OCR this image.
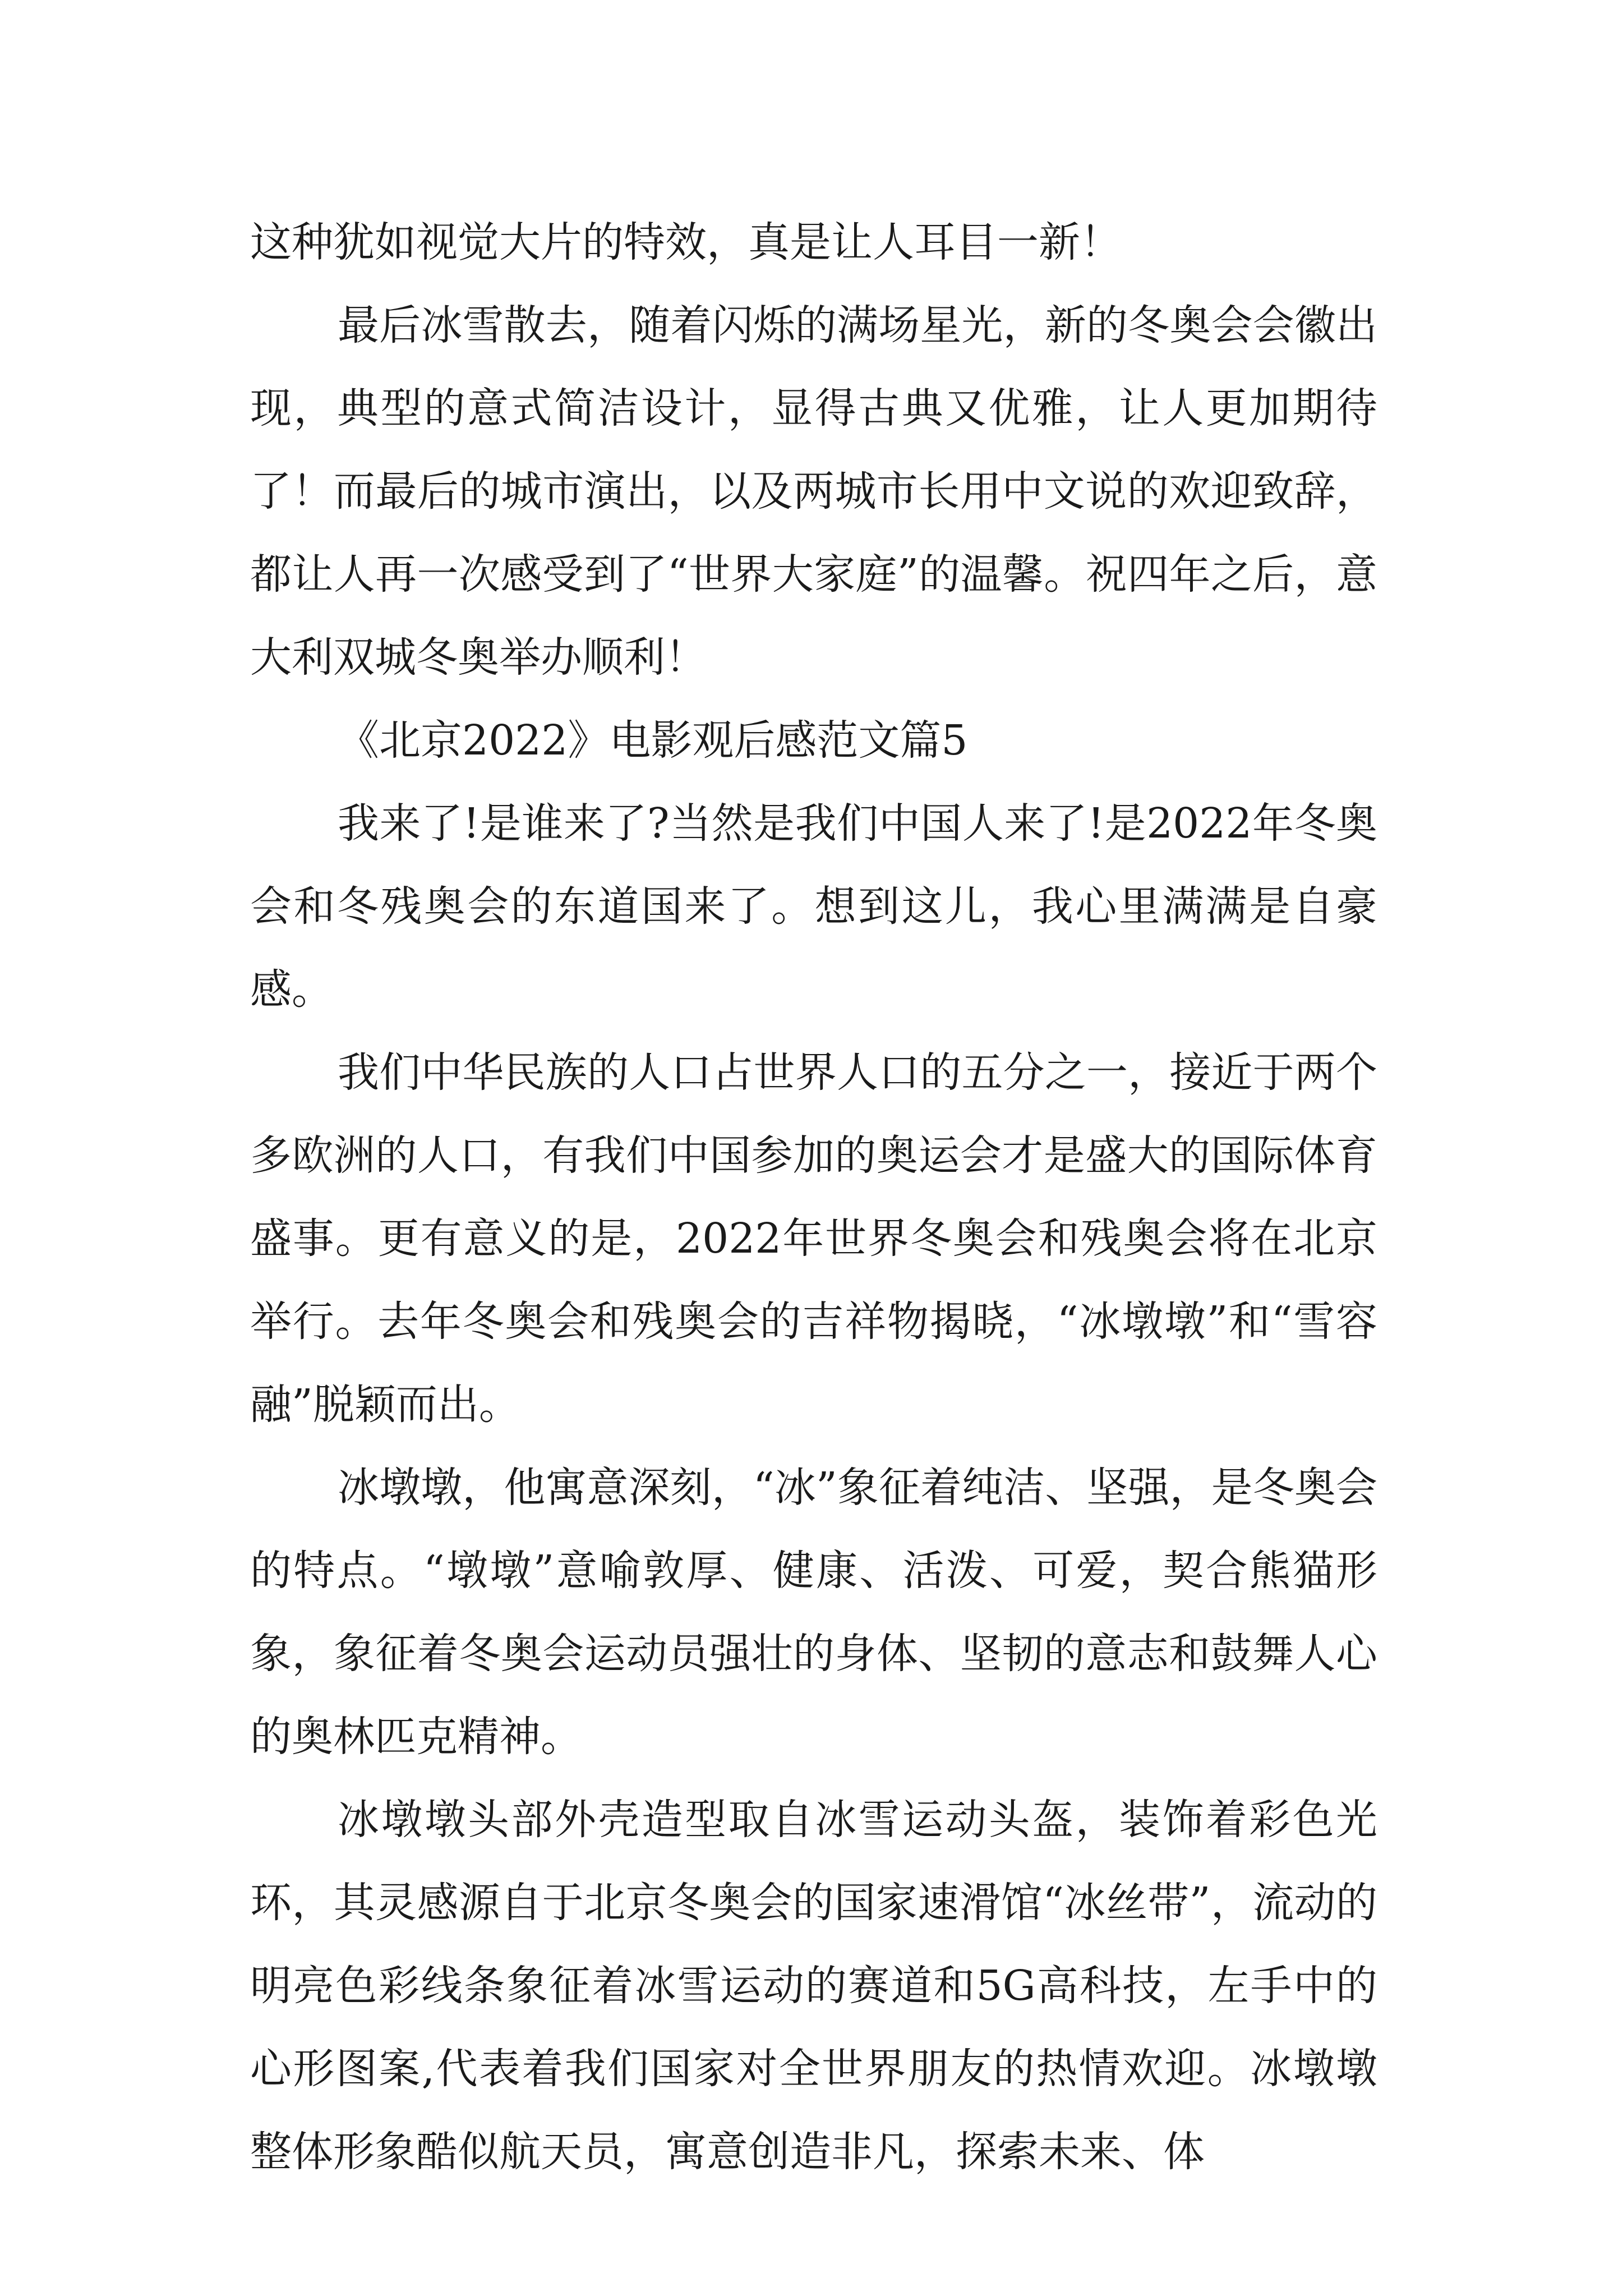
这种犹如视觉大片的特效，真是让人耳目一新！

最后冰雪散去，随着闪烁的满场星光，新的冬奥会会徽出现，典型的意式简洁设计，显得古典又优雅，让人更加期待了！而最后的城市演出，以及两城市长用中文说的欢迎致辞，都让人再一次感受到了“世界大家庭”的温馨。祝四年之后，意大利双城冬奥举办顺利！

《北京2022》电影观后感范文篇5

我来了!是谁来了?当然是我们中国人来了!是2022年冬奥会和冬残奥会的东道国来了。想到这儿，我心里满满是自豪感。

我们中华民族的人口占世界人口的五分之一，接近于两个多欧洲的人口，有我们中国参加的奥运会才是盛大的国际体育盛事。更有意义的是，2022年世界冬奥会和残奥会将在北京举行。去年冬奥会和残奥会的吉祥物揭晓，“冰墩墩”和“雪容融”脱颖而出。

冰墩墩，他寓意深刻，“冰”象征着纯洁、坚强，是冬奥会的特点。“墩墩”意喻敦厚、健康、活泼、可爱，契合熊猫形象，象征着冬奥会运动员强壮的身体、坚韧的意志和鼓舞人心的奥林匹克精神。

冰墩墩头部外壳造型取自冰雪运动头盔，装饰着彩色光环，其灵感源自于北京冬奥会的国家速滑馆“冰丝带”，流动的明亮色彩线条象征着冰雪运动的赛道和5G高科技，左手中的心形图案,代表着我们国家对全世界朋友的热情欢迎。冰墩墩整体形象酷似航天员，寓意创造非凡，探索未来、体
